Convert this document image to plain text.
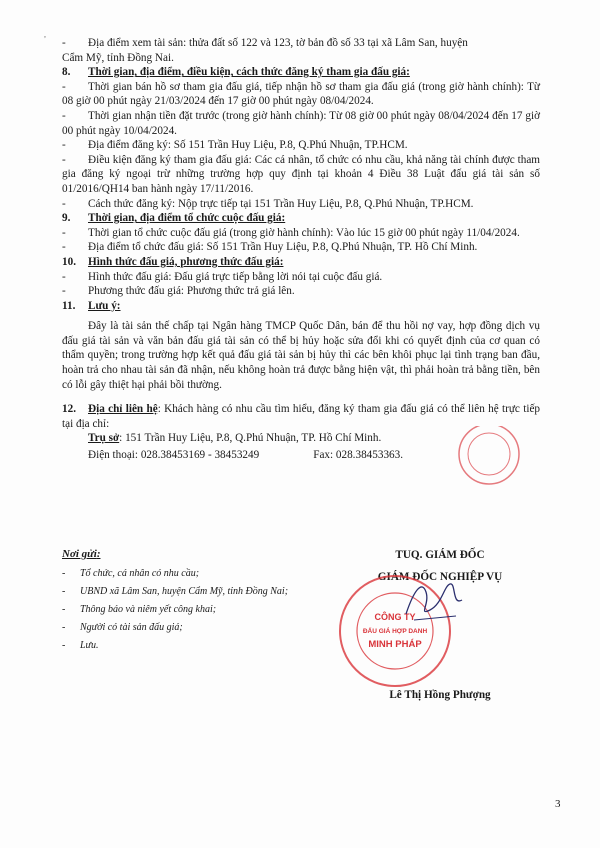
,

- Địa điểm xem tài sản: thửa đất số 122 và 123, tờ bản đồ số 33 tại xã Lâm San, huyện
Cẩm Mỹ, tỉnh Đồng Nai.

8. Thời gian, địa điểm, điều kiện, cách thức đăng ký tham gia đấu giá:

- Thời gian bán hồ sơ tham gia đấu giá, tiếp nhận hồ sơ tham gia đấu giá (trong giờ hành chính): Từ 08 giờ 00 phút ngày 21/03/2024 đến 17 giờ 00 phút ngày 08/04/2024.

- Thời gian nhận tiền đặt trước (trong giờ hành chính): Từ 08 giờ 00 phút ngày 08/04/2024 đến 17 giờ 00 phút ngày 10/04/2024.

- Địa điểm đăng ký: Số 151 Trần Huy Liệu, P.8, Q.Phú Nhuận, TP.HCM.

- Điều kiện đăng ký tham gia đấu giá: Các cá nhân, tổ chức có nhu cầu, khả năng tài chính được tham gia đăng ký ngoại trừ những trường hợp quy định tại khoản 4 Điều 38 Luật đấu giá tài sản số 01/2016/QH14 ban hành ngày 17/11/2016.

- Cách thức đăng ký: Nộp trực tiếp tại 151 Trần Huy Liệu, P.8, Q.Phú Nhuận, TP.HCM.

9. Thời gian, địa điểm tổ chức cuộc đấu giá:

- Thời gian tổ chức cuộc đấu giá (trong giờ hành chính): Vào lúc 15 giờ 00 phút ngày 11/04/2024.

- Địa điểm tổ chức đấu giá: Số 151 Trần Huy Liệu, P.8, Q.Phú Nhuận, TP. Hồ Chí Minh.

10. Hình thức đấu giá, phương thức đấu giá:

- Hình thức đấu giá: Đấu giá trực tiếp bằng lời nói tại cuộc đấu giá.

- Phương thức đấu giá: Phương thức trả giá lên.

11. Lưu ý:

Đây là tài sản thế chấp tại Ngân hàng TMCP Quốc Dân, bán để thu hồi nợ vay, hợp đồng dịch vụ đấu giá tài sản và văn bản đấu giá tài sản có thể bị hủy hoặc sửa đổi khi có quyết định của cơ quan có thẩm quyền; trong trường hợp kết quả đấu giá tài sản bị hủy thì các bên khôi phục lại tình trạng ban đầu, hoàn trả cho nhau tài sản đã nhận, nếu không hoàn trả được bằng hiện vật, thì phải hoàn trả bằng tiền, bên có lỗi gây thiệt hại phải bồi thường.

12. Địa chỉ liên hệ: Khách hàng có nhu cầu tìm hiểu, đăng ký tham gia đấu giá có thể liên hệ trực tiếp tại địa chỉ:

Trụ sở: 151 Trần Huy Liệu, P.8, Q.Phú Nhuận, TP. Hồ Chí Minh.

Điện thoại: 028.38453169 - 38453249	Fax: 028.38453363.

Nơi gửi:
-	Tổ chức, cá nhân có nhu cầu;
-	UBND xã Lâm San, huyện Cẩm Mỹ, tỉnh Đồng Nai;
-	Thông báo và niêm yết công khai;
-	Người có tài sản đấu giá;
-	Lưu.
TUQ. GIÁM ĐỐC
GIÁM ĐỐC NGHIỆP VỤ
Lê Thị Hồng Phượng
CÔNG TY
ĐẤU GIÁ HỢP DANH
MINH PHÁP
3
